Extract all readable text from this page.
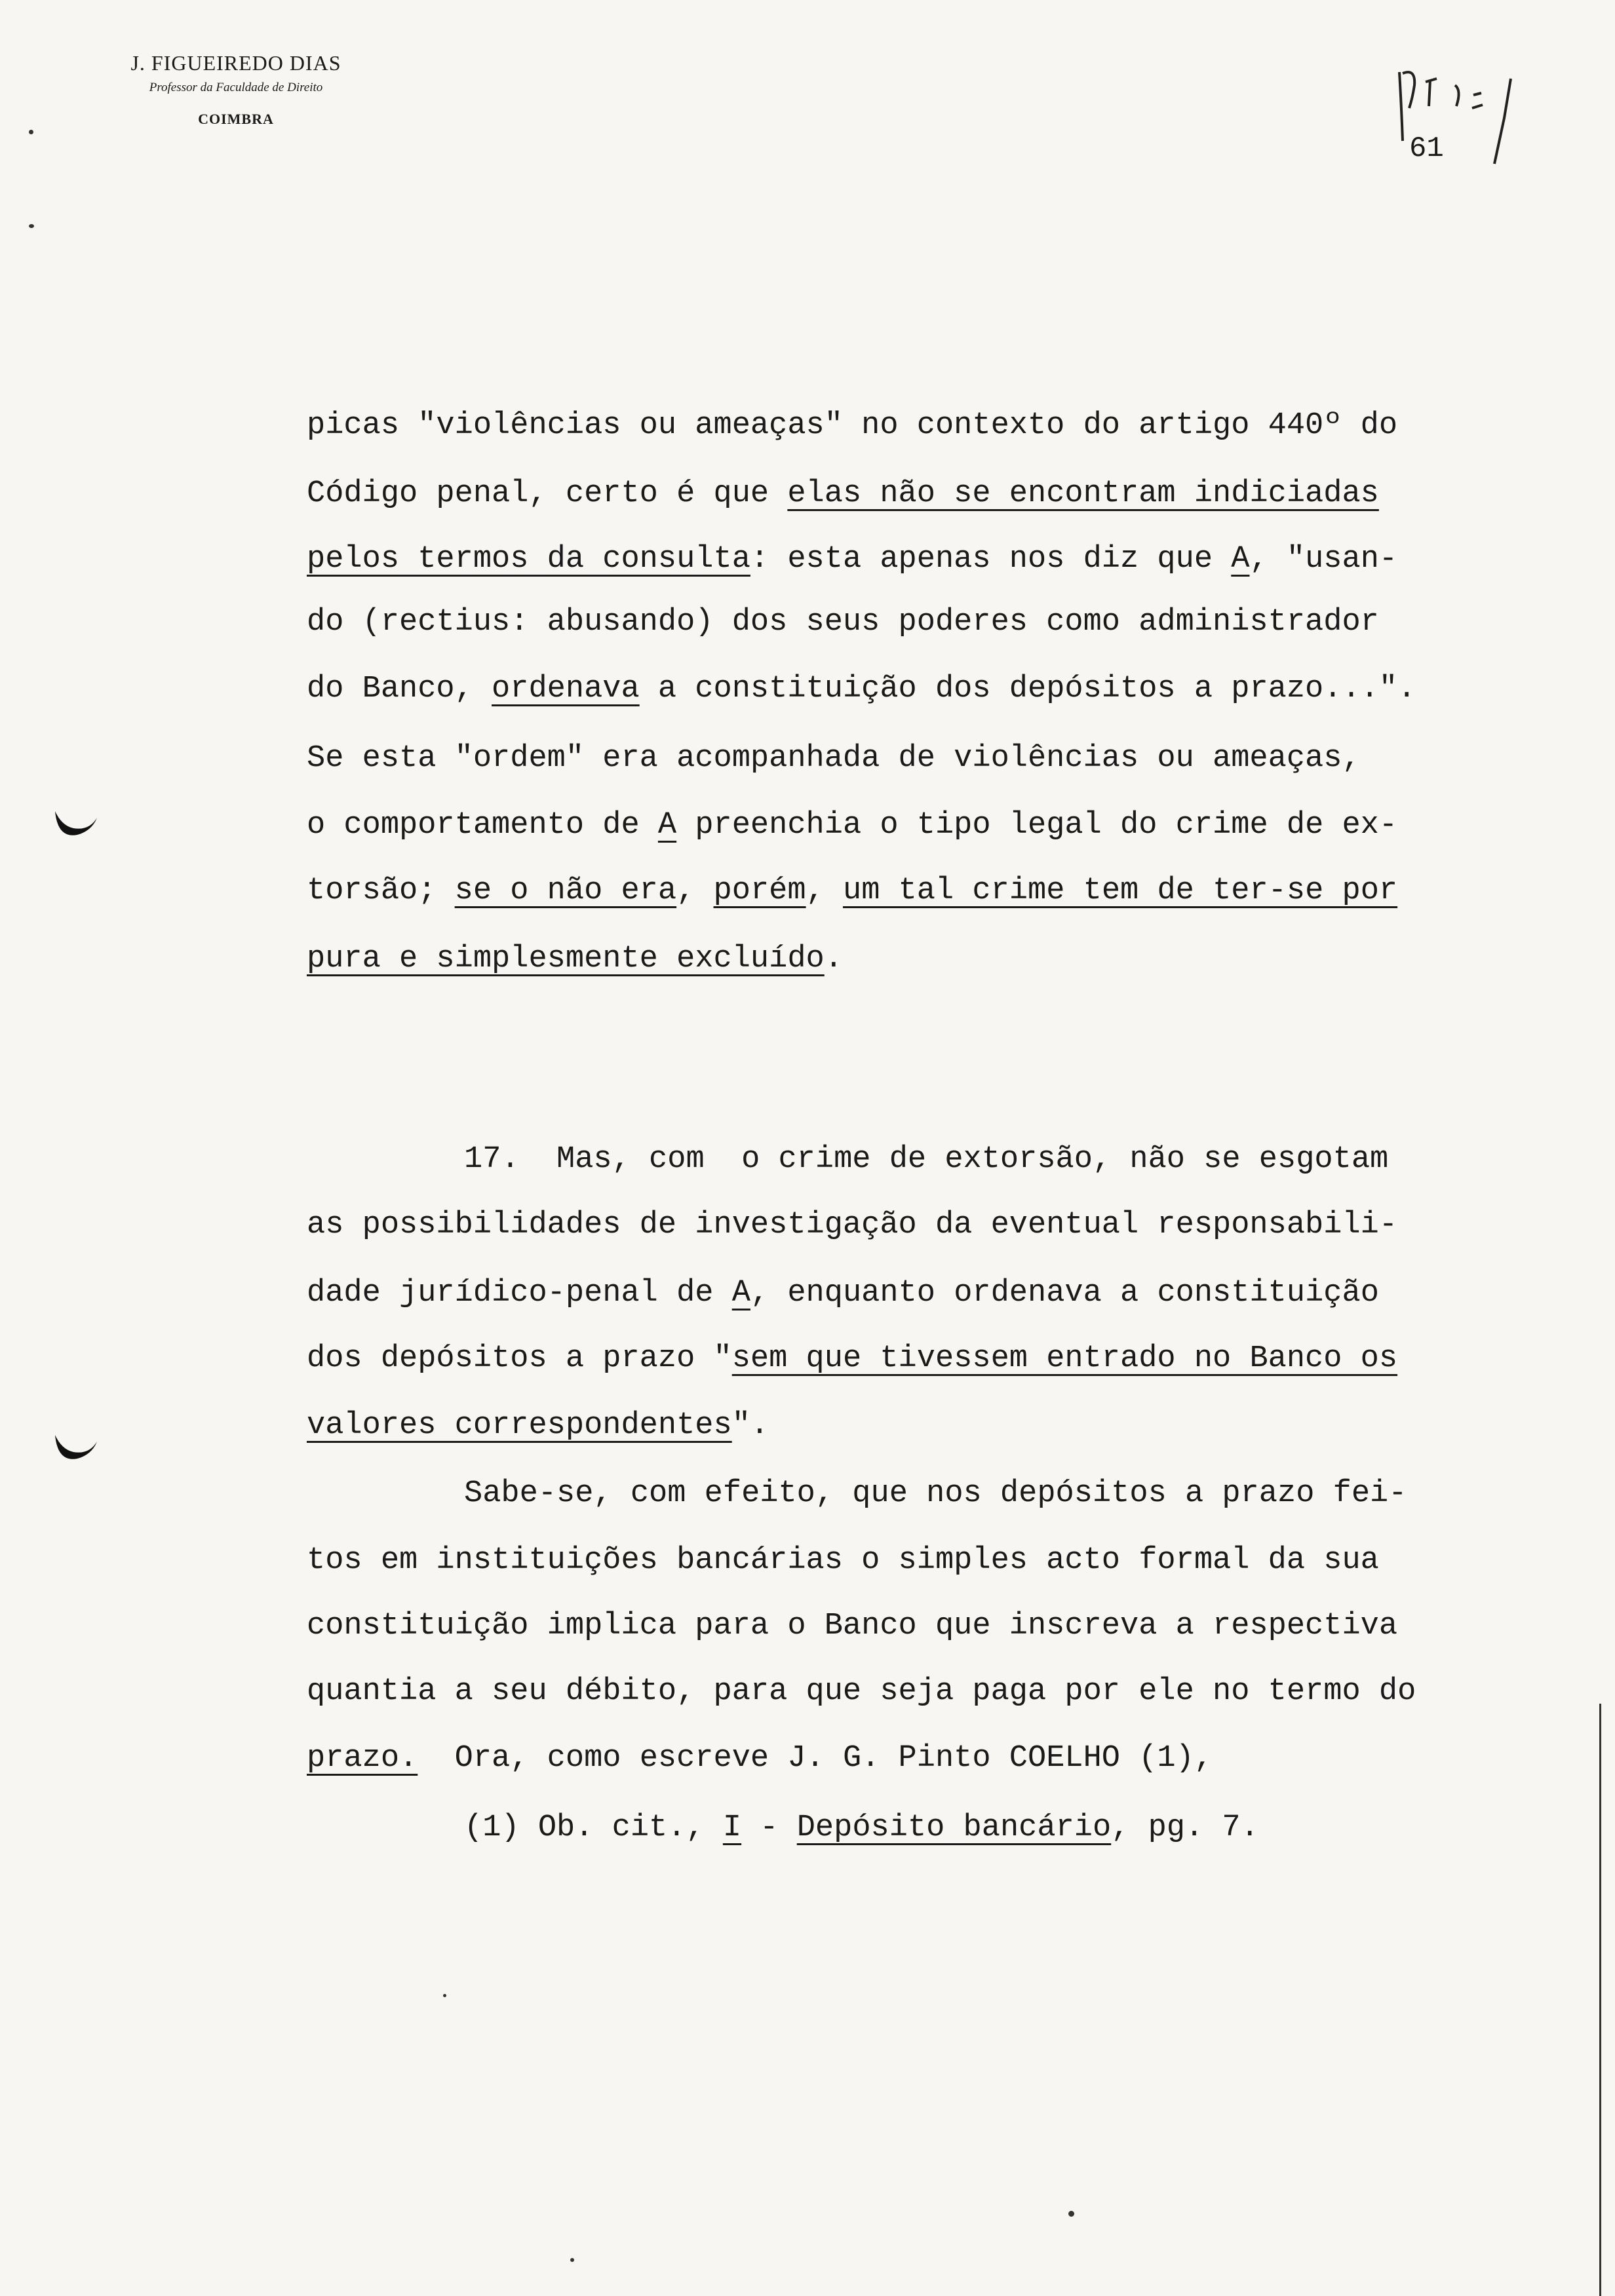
J. FIGUEIREDO DIAS

Professor da Faculdade de Direito

COIMBRA

61
picas "violências ou ameaças" no contexto do artigo 440º do
Código penal, certo é que elas não se encontram indiciadas
pelos termos da consulta: esta apenas nos diz que A, "usan-
do (rectius: abusando) dos seus poderes como administrador
do Banco, ordenava a constituição dos depósitos a prazo...".
Se esta "ordem" era acompanhada de violências ou ameaças,
o comportamento de A preenchia o tipo legal do crime de ex-
torsão; se o não era, porém, um tal crime tem de ter-se por
pura e simplesmente excluído.
17.  Mas, com  o crime de extorsão, não se esgotam
as possibilidades de investigação da eventual responsabili-
dade jurídico-penal de A, enquanto ordenava a constituição
dos depósitos a prazo "sem que tivessem entrado no Banco os
valores correspondentes".
Sabe-se, com efeito, que nos depósitos a prazo fei-
tos em instituições bancárias o simples acto formal da sua
constituição implica para o Banco que inscreva a respectiva
quantia a seu débito, para que seja paga por ele no termo do
prazo.  Ora, como escreve J. G. Pinto COELHO (1),
(1) Ob. cit., I - Depósito bancário, pg. 7.
